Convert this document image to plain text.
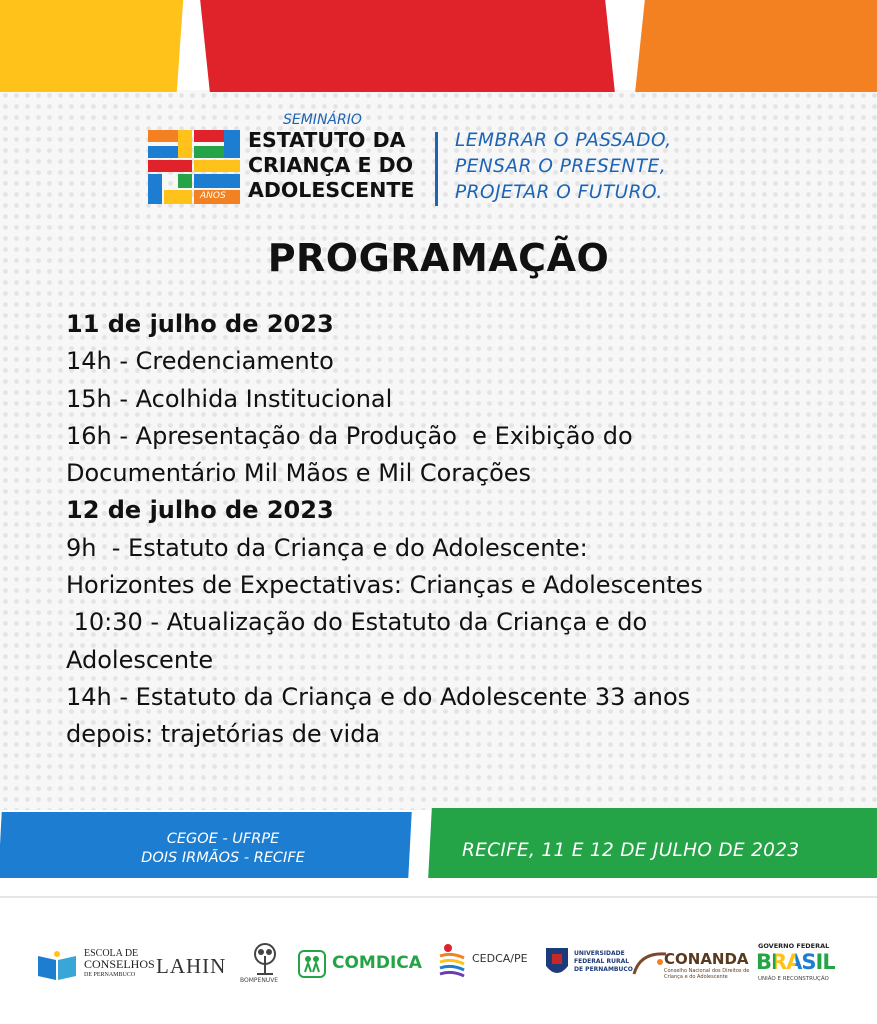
ANOS
SEMINÁRIO
ESTATUTO DA
CRIANÇA E DO
ADOLESCENTE
LEMBRAR O PASSADO,
PENSAR O PRESENTE,
PROJETAR O FUTURO.
PROGRAMAÇÃO
11 de julho de 2023
14h - Credenciamento
15h - Acolhida Institucional
16h - Apresentação da Produção  e Exibição do
Documentário Mil Mãos e Mil Corações
12 de julho de 2023
9h  - Estatuto da Criança e do Adolescente:
Horizontes de Expectativas: Crianças e Adolescentes
10:30 - Atualização do Estatuto da Criança e do
Adolescente
14h - Estatuto da Criança e do Adolescente 33 anos
depois: trajetórias de vida
CEGOE - UFRPE
DOIS IRMÃOS - RECIFE	RECIFE, 11 E 12 DE JULHO DE 2023
ESCOLA DE
CONSELHOS
DE PERNAMBUCO LAHIN
BOMPENUVE
COMDICA	CEDCA/PE	UNIVERSIDADE
FEDERAL RURAL
DE PERNAMBUCO
CONANDA
Conselho Nacional dos Direitos de Criança e do Adolescente
GOVERNO FEDERAL
BRASIL
UNIÃO E RECONSTRUÇÃO
